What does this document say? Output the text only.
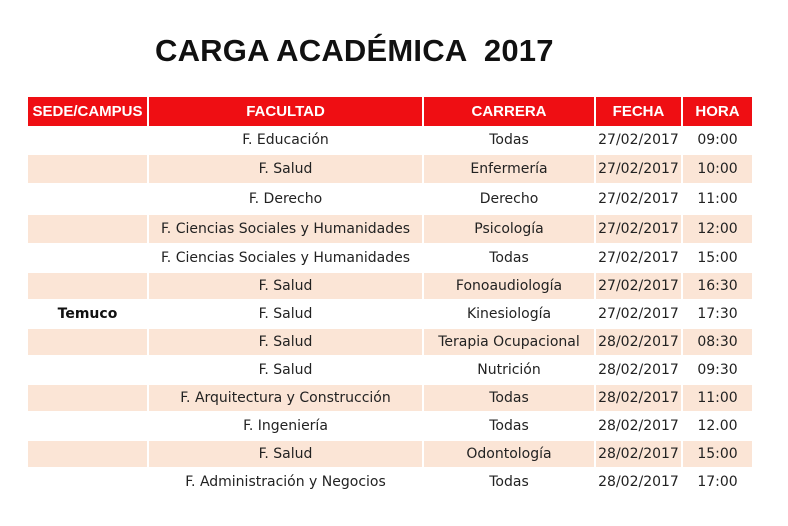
CARGA ACADÉMICA  2017
SEDE/CAMPUS	FACULTAD	CARRERA	FECHA	HORA
	F. Educación	Todas	27/02/2017	09:00
	F. Salud	Enfermería	27/02/2017	10:00
	F. Derecho	Derecho	27/02/2017	11:00
	F. Ciencias Sociales y Humanidades	Psicología	27/02/2017	12:00
	F. Ciencias Sociales y Humanidades	Todas	27/02/2017	15:00
	F. Salud	Fonoaudiología	27/02/2017	16:30
Temuco	F. Salud	Kinesiología	27/02/2017	17:30
	F. Salud	Terapia Ocupacional	28/02/2017	08:30
	F. Salud	Nutrición	28/02/2017	09:30
	F. Arquitectura y Construcción	Todas	28/02/2017	11:00
	F. Ingeniería	Todas	28/02/2017	12.00
	F. Salud	Odontología	28/02/2017	15:00
	F. Administración y Negocios	Todas	28/02/2017	17:00
